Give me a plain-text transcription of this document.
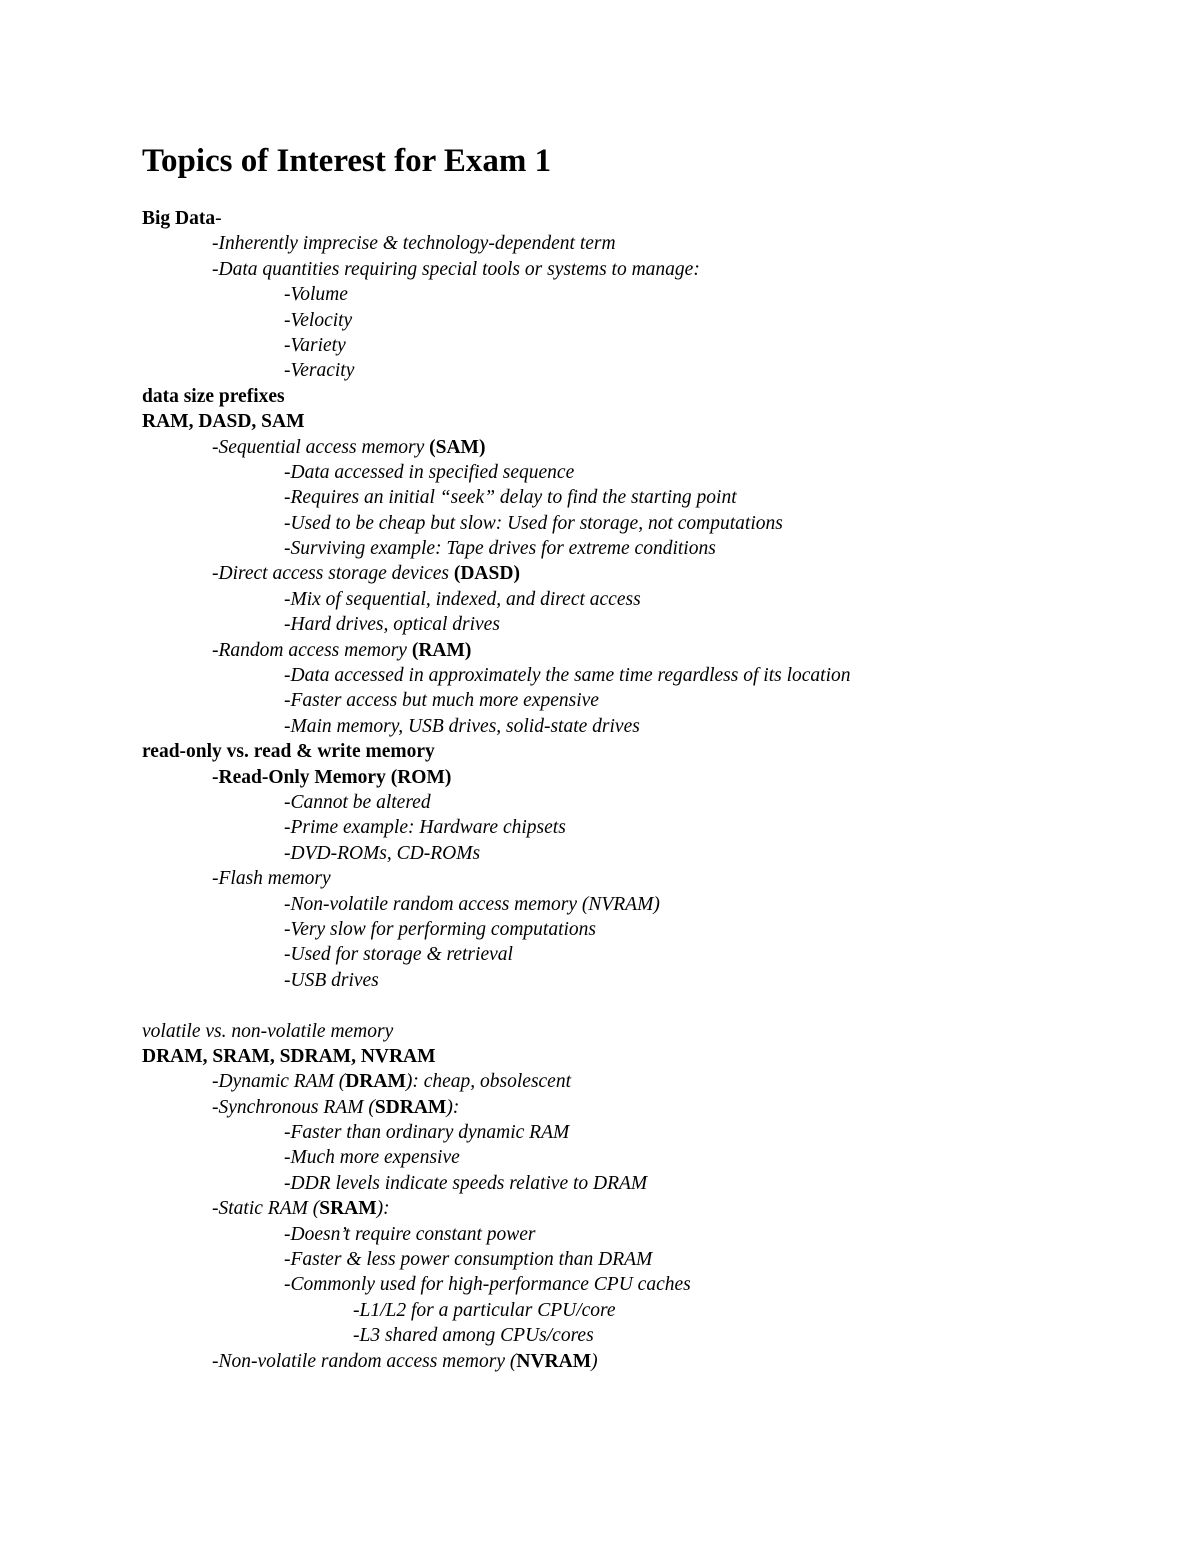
Topics of Interest for Exam 1
Big Data-
-Inherently imprecise & technology-dependent term
-Data quantities requiring special tools or systems to manage:
-Volume
-Velocity
-Variety
-Veracity
data size prefixes
RAM, DASD, SAM
-Sequential access memory (SAM)
-Data accessed in specified sequence
-Requires an initial “seek” delay to find the starting point
-Used to be cheap but slow: Used for storage, not computations
-Surviving example: Tape drives for extreme conditions
-Direct access storage devices (DASD)
-Mix of sequential, indexed, and direct access
-Hard drives, optical drives
-Random access memory (RAM)
-Data accessed in approximately the same time regardless of its location
-Faster access but much more expensive
-Main memory, USB drives, solid-state drives
read-only vs. read & write memory
-Read-Only Memory (ROM)
-Cannot be altered
-Prime example: Hardware chipsets
-DVD-ROMs, CD-ROMs
-Flash memory
-Non-volatile random access memory (NVRAM)
-Very slow for performing computations
-Used for storage & retrieval
-USB drives
volatile vs. non-volatile memory
DRAM, SRAM, SDRAM, NVRAM
-Dynamic RAM (DRAM): cheap, obsolescent
-Synchronous RAM (SDRAM):
-Faster than ordinary dynamic RAM
-Much more expensive
-DDR levels indicate speeds relative to DRAM
-Static RAM (SRAM):
-Doesn’t require constant power
-Faster & less power consumption than DRAM
-Commonly used for high-performance CPU caches
-L1/L2 for a particular CPU/core
-L3 shared among CPUs/cores
-Non-volatile random access memory (NVRAM)
